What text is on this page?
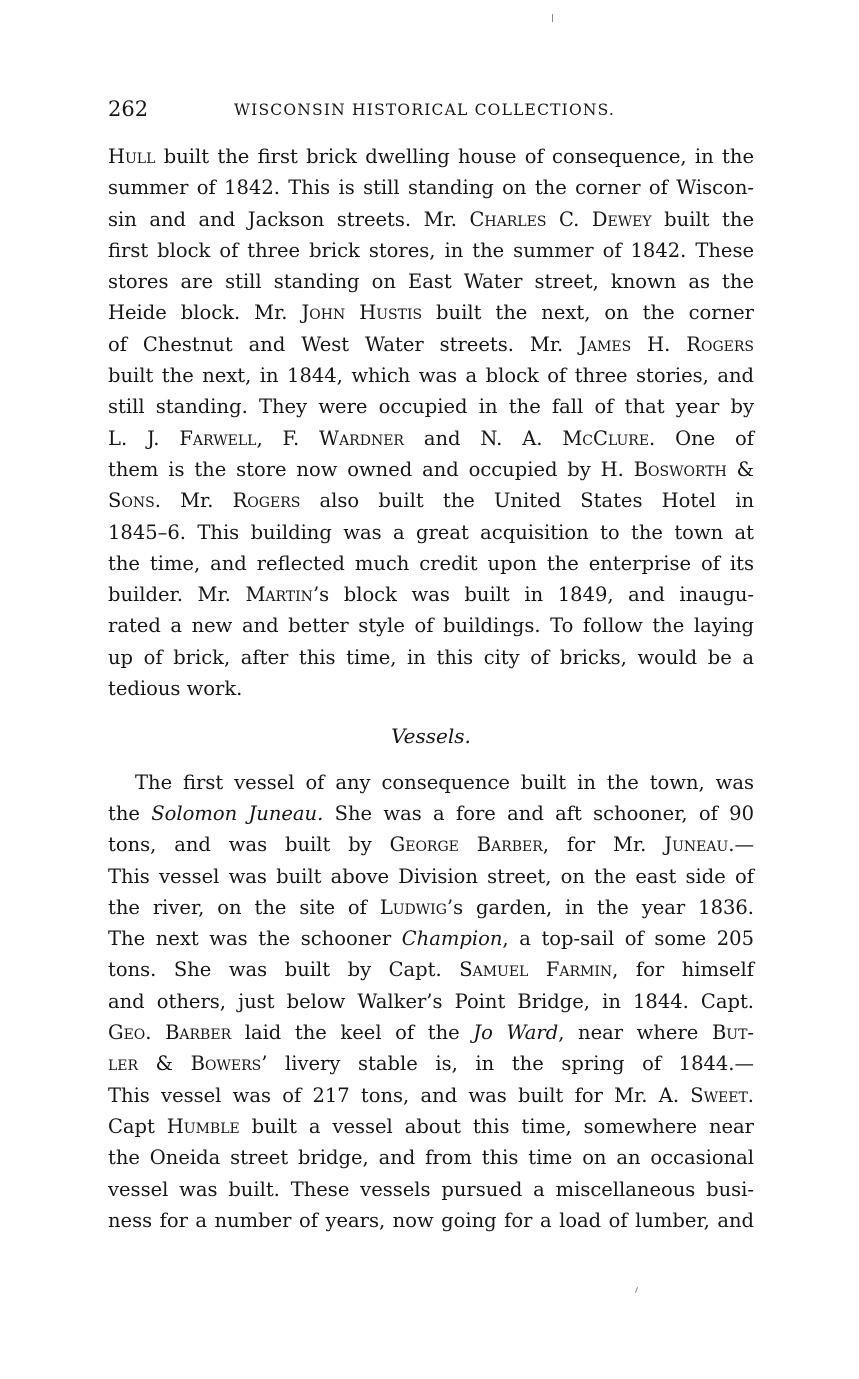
262	WISCONSIN HISTORICAL COLLECTIONS.
Hull built the first brick dwelling house of consequence, in the
summer of 1842. This is still standing on the corner of Wiscon-
sin and and Jackson streets. Mr. Charles C. Dewey built the
first block of three brick stores, in the summer of 1842. These
stores are still standing on East Water street, known as the
Heide block. Mr. John Hustis built the next, on the corner
of Chestnut and West Water streets. Mr. James H. Rogers
built the next, in 1844, which was a block of three stories, and
still standing. They were occupied in the fall of that year by
L. J. Farwell, F. Wardner and N. A. McClure. One of
them is the store now owned and occupied by H. Bosworth &
Sons. Mr. Rogers also built the United States Hotel in
1845–6. This building was a great acquisition to the town at
the time, and reflected much credit upon the enterprise of its
builder. Mr. Martin’s block was built in 1849, and inaugu-
rated a new and better style of buildings. To follow the laying
up of brick, after this time, in this city of bricks, would be a
tedious work.
Vessels.
The first vessel of any consequence built in the town, was
the Solomon Juneau. She was a fore and aft schooner, of 90
tons, and was built by George Barber, for Mr. Juneau.—
This vessel was built above Division street, on the east side of
the river, on the site of Ludwig’s garden, in the year 1836.
The next was the schooner Champion, a top-sail of some 205
tons. She was built by Capt. Samuel Farmin, for himself
and others, just below Walker’s Point Bridge, in 1844. Capt.
Geo. Barber laid the keel of the Jo Ward, near where But-
ler & Bowers’ livery stable is, in the spring of 1844.—
This vessel was of 217 tons, and was built for Mr. A. Sweet.
Capt Humble built a vessel about this time, somewhere near
the Oneida street bridge, and from this time on an occasional
vessel was built. These vessels pursued a miscellaneous busi-
ness for a number of years, now going for a load of lumber, and
